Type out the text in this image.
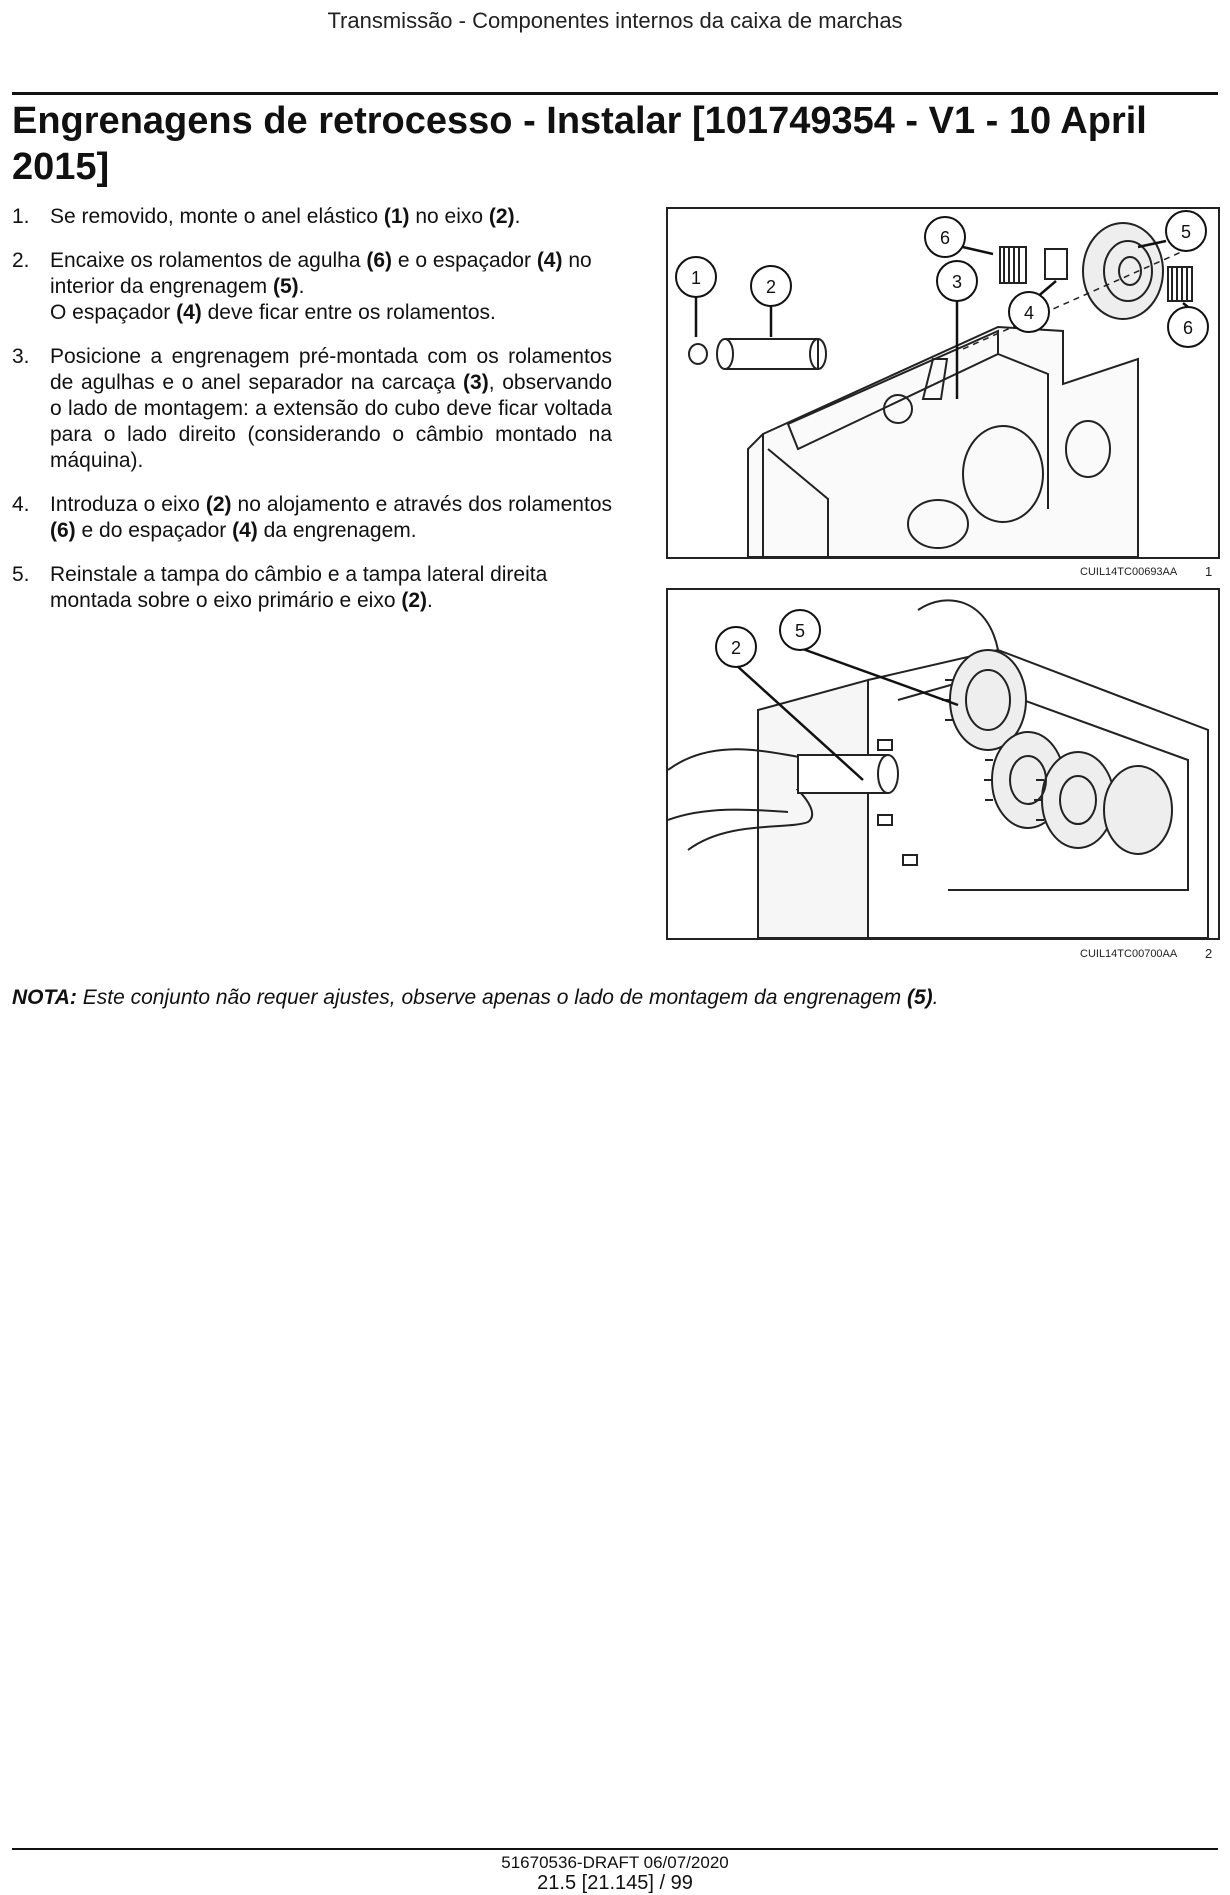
Transmissão - Componentes internos da caixa de marchas
Engrenagens de retrocesso - Instalar [101749354 - V1 - 10 April 2015]
1. Se removido, monte o anel elástico (1) no eixo (2).
2. Encaixe os rolamentos de agulha (6) e o espaçador (4) no interior da engrenagem (5).

O espaçador (4) deve ficar entre os rolamentos.

3. Posicione a engrenagem pré-montada com os rolamentos de agulhas e o anel separador na carcaça (3), observando o lado de montagem: a extensão do cubo deve ficar voltada para o lado direito (considerando o câmbio montado na máquina).
4. Introduza o eixo (2) no alojamento e através dos rolamentos (6) e do espaçador (4) da engrenagem.
5. Reinstale a tampa do câmbio e a tampa lateral direita montada sobre o eixo primário e eixo (2).
1	2	3
4
5
6
6
CUIL14TC00693AA 1
2
5
CUIL14TC00700AA 2
NOTA: Este conjunto não requer ajustes, observe apenas o lado de montagem da engrenagem (5).
51670536-DRAFT 06/07/2020
21.5 [21.145] / 99
